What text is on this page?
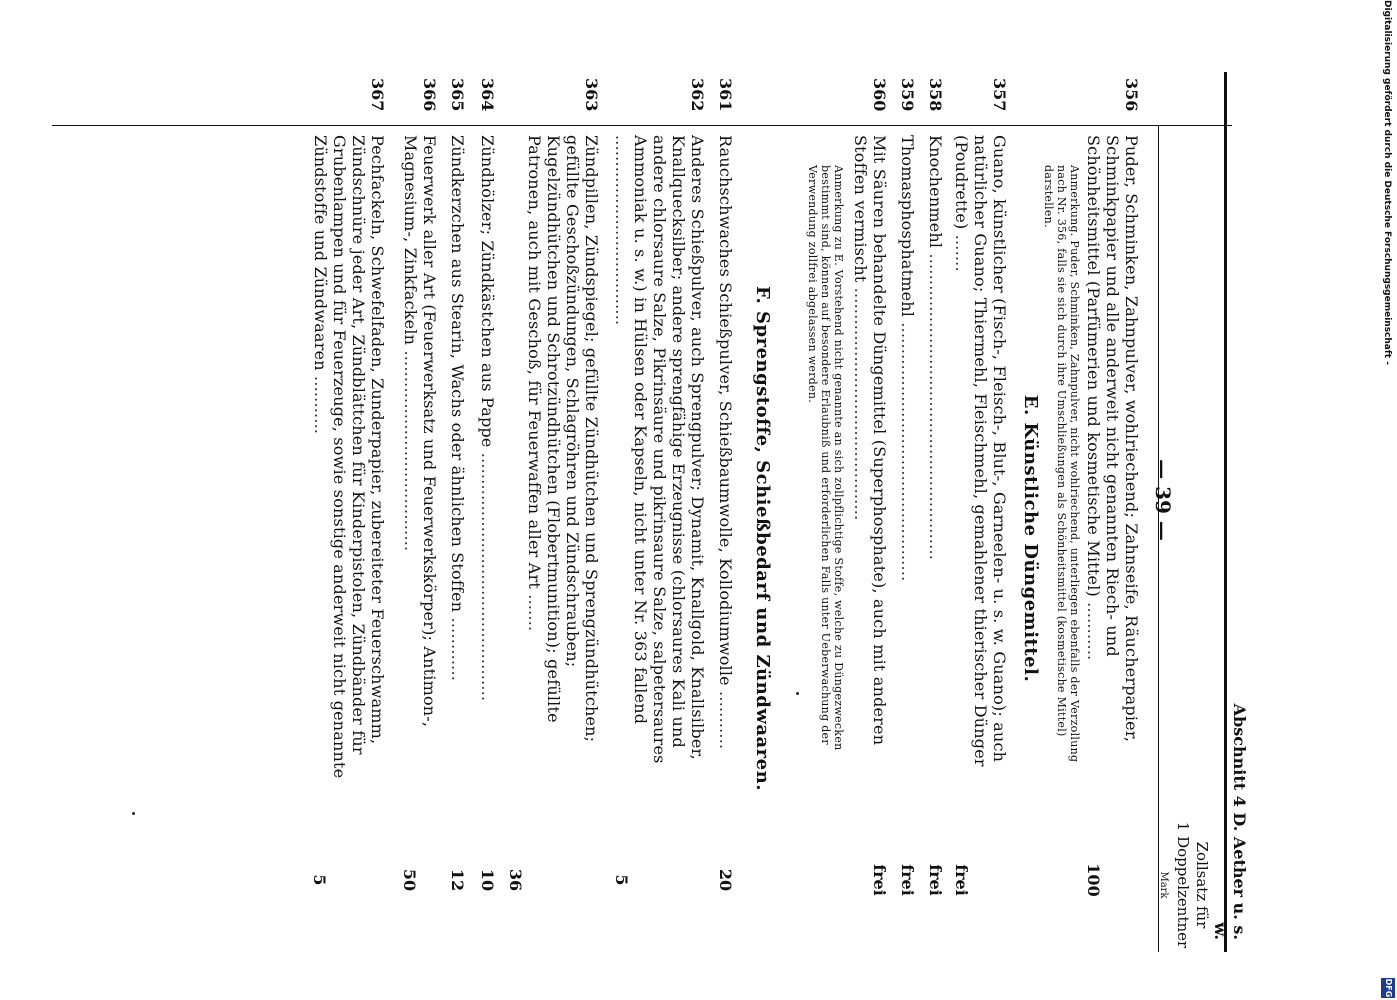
Digitalisierung gefördert durch die Deutsche Forschungsgemeinschaft -
DFG
— 39 —
Abschnitt 4 D. Aether u. s. w.
Zollsatz für
1 Doppelzentner
Mark
356
Puder, Schminken, Zahnpulver, wohlriechend; Zahnseife, Räucherpapier, Schminkpapier und alle anderweit nicht genannten Riech- und Schönheitsmittel (Parfümerien und kosmetische Mittel) ...........
100
Anmerkung. Puder, Schminken, Zahnpulver, nicht wohlriechend, unterliegen ebenfalls der Verzollung nach Nr. 356, falls sie sich durch ihre Umschließungen als Schönheitsmittel (kosmetische Mittel) darstellen.
E. Künstliche Düngemittel.
357
Guano, künstlicher (Fisch-, Fleisch-, Blut-, Garneelen- u. s. w. Guano); auch natürlicher Guano; Thiermehl, Fleischmehl, gemahlener thierischer Dünger (Poudrette) .......
frei
358
Knochenmehl ..........................................................
frei
359
Thomasphosphatmehl .................................................
frei
360
Mit Säuren behandelte Düngemittel (Superphosphate), auch mit anderen Stoffen vermischt ............................................
frei
Anmerkung zu E. Vorstehend nicht genannte an sich zollpflichtige Stoffe, welche zu Düngezwecken bestimmt sind, können auf besondere Erlaubniß und erforderlichen Falls unter Ueberwachung der Verwendung zollfrei abgelassen werden.
F. Sprengstoffe, Schießbedarf und Zündwaaren.
361
Rauchschwaches Schießpulver, Schießbaumwolle, Kollodiumwolle ...........
20
362
Anderes Schießpulver, auch Sprengpulver; Dynamit, Knallgold, Knallsilber, Knallquecksilber; andere sprengfähige Erzeugnisse (chlorsaures Kali und andere chlorsaure Salze, Pikrinsäure und pikrinsaure Salze, salpetersaures Ammoniak u. s. w.) in Hülsen oder Kapseln, nicht unter Nr. 363 fallend ....................................
5
363
Zündpillen, Zündspiegel; gefüllte Zündhütchen und Sprengzündhütchen; gefüllte Geschoßzündungen, Schlagröhren und Zündschrauben; Kugelzündhütchen und Schrotzündhütchen (Flobertmunition); gefüllte Patronen, auch mit Geschoß, für Feuerwaffen aller Art .......
36
364
Zündhölzer; Zündkästchen aus Pappe ...............................................
10
365
Zündkerzchen aus Stearin, Wachs oder ähnlichen Stoffen ............
12
366
Feuerwerk aller Art (Feuerwerksatz und Feuerwerkskörper); Antimon-, Magnesium-, Zinkfackeln ......................................
50
367
Pechfackeln, Schwefelfaden, Zunderpapier, zubereiteter Feuerschwamm, Zündschnüre jeder Art, Zündblättchen für Kinderpistolen, Zündbänder für Grubenlampen und für Feuerzeuge, sowie sonstige anderweit nicht genannte Zündstoffe und Zündwaaren ...........
5
